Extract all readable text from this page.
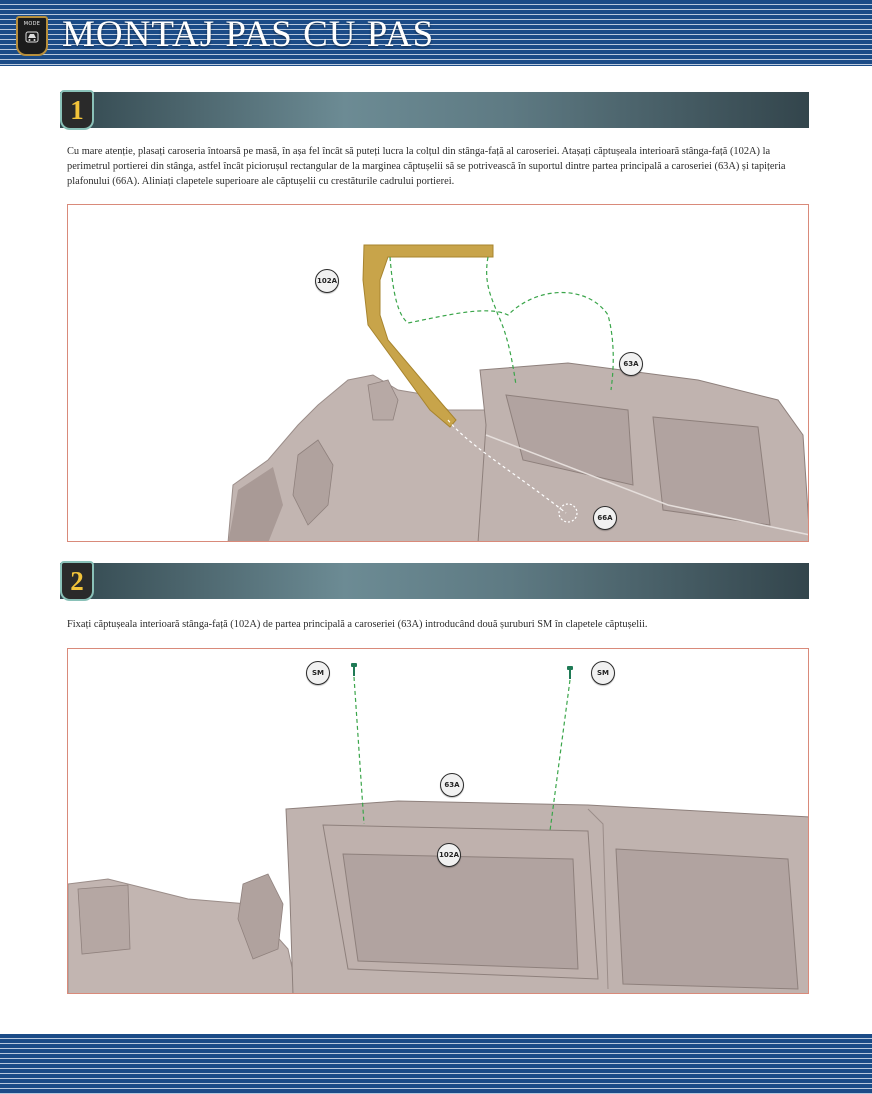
MODE MONTAJ PAS CU PAS
1

Cu mare atenție, plasați caroseria întoarsă pe masă, în așa fel încât să puteți lucra la colțul din stânga-față al caroseriei. Atașați căptușeala interioară stânga-față (102A) la perimetrul portierei din stânga, astfel încât piciorușul rectangular de la marginea căptușelii să se potrivească în suportul dintre partea principală a caroseriei (63A) și tapițeria plafonului (66A). Aliniați clapetele superioare ale căptușelii cu crestăturile cadrului portierei.

102A
63A
66A
2

Fixați căptușeala interioară stânga-față (102A) de partea principală a caroseriei (63A) introducând două șuruburi SM în clapetele căptușelii.

SM	SM
63A
102A
